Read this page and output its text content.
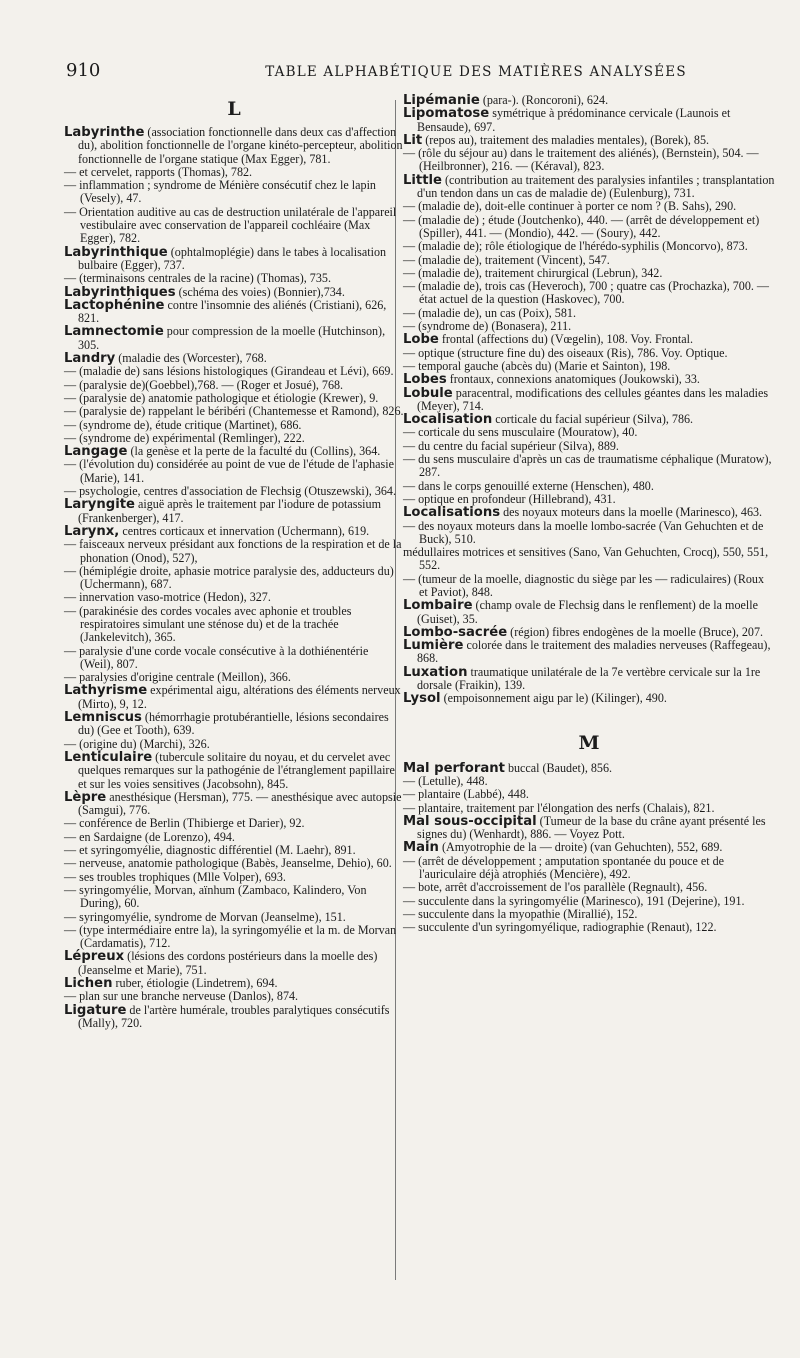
910	TABLE ALPHABÉTIQUE DES MATIÈRES ANALYSÉES
L

Labyrinthe (association fonctionnelle dans deux cas d'affection du), abolition fonctionnelle de l'organe kinéto-percepteur, abolition fonctionnelle de l'organe statique (Max Egger), 781.

— et cervelet, rapports (Thomas), 782.

— inflammation ; syndrome de Ménière consécutif chez le lapin (Vesely), 47.

— Orientation auditive au cas de destruction unilatérale de l'appareil vestibulaire avec conservation de l'appareil cochléaire (Max Egger), 782.

Labyrinthique (ophtalmoplégie) dans le tabes à localisation bulbaire (Egger), 737.

— (terminaisons centrales de la racine) (Thomas), 735.

Labyrinthiques (schéma des voies) (Bonnier),734.

Lactophénine contre l'insomnie des aliénés (Cristiani), 626, 821.

Lamnectomie pour compression de la moelle (Hutchinson), 305.

Landry (maladie des (Worcester), 768.

— (maladie de) sans lésions histologiques (Girandeau et Lévi), 669.

— (paralysie de)(Goebbel),768. — (Roger et Josué), 768.

— (paralysie de) anatomie pathologique et étiologie (Krewer), 9.

— (paralysie de) rappelant le béribéri (Chantemesse et Ramond), 826.

— (syndrome de), étude critique (Martinet), 686.

— (syndrome de) expérimental (Remlinger), 222.

Langage (la genèse et la perte de la faculté du (Collins), 364.

— (l'évolution du) considérée au point de vue de l'étude de l'aphasie (Marie), 141.

— psychologie, centres d'association de Flechsig (Otuszewski), 364.

Laryngite aiguë après le traitement par l'iodure de potassium (Frankenberger), 417.

Larynx, centres corticaux et innervation (Uchermann), 619.

— faisceaux nerveux présidant aux fonctions de la respiration et de la phonation (Onod), 527),

— (hémiplégie droite, aphasie motrice paralysie des, adducteurs du) (Uchermann), 687.

— innervation vaso-motrice (Hedon), 327.

— (parakinésie des cordes vocales avec aphonie et troubles respiratoires simulant une sténose du) et de la trachée (Jankelevitch), 365.

— paralysie d'une corde vocale consécutive à la dothiénentérie (Weil), 807.

— paralysies d'origine centrale (Meillon), 366.

Lathyrisme expérimental aigu, altérations des éléments nerveux (Mirto), 9, 12.

Lemniscus (hémorrhagie protubérantielle, lésions secondaires du) (Gee et Tooth), 639.

— (origine du) (Marchi), 326.

Lenticulaire (tubercule solitaire du noyau, et du cervelet avec quelques remarques sur la pathogénie de l'étranglement papillaire et sur les voies sensitives (Jacobsohn), 845.

Lèpre anesthésique (Hersman), 775. — anesthésique avec autopsie (Samgui), 776.

— conférence de Berlin (Thibierge et Darier), 92.

— en Sardaigne (de Lorenzo), 494.

— et syringomyélie, diagnostic différentiel (M. Laehr), 891.

— nerveuse, anatomie pathologique (Babès, Jeanselme, Dehio), 60.

— ses troubles trophiques (Mlle Volper), 693.

— syringomyélie, Morvan, aïnhum (Zambaco, Kalindero, Von During), 60.

— syringomyélie, syndrome de Morvan (Jeanselme), 151.

— (type intermédiaire entre la), la syringomyélie et la m. de Morvan (Cardamatis), 712.

Lépreux (lésions des cordons postérieurs dans la moelle des) (Jeanselme et Marie), 751.

Lichen ruber, étiologie (Lindetrem), 694.

— plan sur une branche nerveuse (Danlos), 874.

Ligature de l'artère humérale, troubles paralytiques consécutifs (Mally), 720.

Lipémanie (para-). (Roncoroni), 624.

Lipomatose symétrique à prédominance cervicale (Launois et Bensaude), 697.

Lit (repos au), traitement des maladies mentales), (Borek), 85.

— (rôle du séjour au) dans le traitement des aliénés), (Bernstein), 504. — (Heilbronner), 216. — (Kéraval), 823.

Little (contribution au traitement des paralysies infantiles ; transplantation d'un tendon dans un cas de maladie de) (Eulenburg), 731.

— (maladie de), doit-elle continuer à porter ce nom ? (B. Sahs), 290.

— (maladie de) ; étude (Joutchenko), 440. — (arrêt de développement et) (Spiller), 441. — (Mondio), 442. — (Soury), 442.

— (maladie de); rôle étiologique de l'hérédo-syphilis (Moncorvo), 873.

— (maladie de), traitement (Vincent), 547.

— (maladie de), traitement chirurgical (Lebrun), 342.

— (maladie de), trois cas (Heveroch), 700 ; quatre cas (Prochazka), 700. — état actuel de la question (Haskovec), 700.

— (maladie de), un cas (Poix), 581.

— (syndrome de) (Bonasera), 211.

Lobe frontal (affections du) (Vœgelin), 108. Voy. Frontal.

— optique (structure fine du) des oiseaux (Ris), 786. Voy. Optique.

— temporal gauche (abcès du) (Marie et Sainton), 198.

Lobes frontaux, connexions anatomiques (Joukowski), 33.

Lobule paracentral, modifications des cellules géantes dans les maladies (Meyer), 714.

Localisation corticale du facial supérieur (Silva), 786.

— corticale du sens musculaire (Mouratow), 40.

— du centre du facial supérieur (Silva), 889.

— du sens musculaire d'après un cas de traumatisme céphalique (Muratow), 287.

— dans le corps genouillé externe (Henschen), 480.

— optique en profondeur (Hillebrand), 431.

Localisations des noyaux moteurs dans la moelle (Marinesco), 463.

— des noyaux moteurs dans la moelle lombo-sacrée (Van Gehuchten et de Buck), 510.

médullaires motrices et sensitives (Sano, Van Gehuchten, Crocq), 550, 551, 552.

— (tumeur de la moelle, diagnostic du siège par les — radiculaires) (Roux et Paviot), 848.

Lombaire (champ ovale de Flechsig dans le renflement) de la moelle (Guiset), 35.

Lombo-sacrée (région) fibres endogènes de la moelle (Bruce), 207.

Lumière colorée dans le traitement des maladies nerveuses (Raffegeau), 868.

Luxation traumatique unilatérale de la 7e vertèbre cervicale sur la 1re dorsale (Fraikin), 139.

Lysol (empoisonnement aigu par le) (Kilinger), 490.

M

Mal perforant buccal (Baudet), 856.

— (Letulle), 448.

— plantaire (Labbé), 448.

— plantaire, traitement par l'élongation des nerfs (Chalais), 821.

Mal sous-occipital (Tumeur de la base du crâne ayant présenté les signes du) (Wenhardt), 886. — Voyez Pott.

Main (Amyotrophie de la — droite) (van Gehuchten), 552, 689.

— (arrêt de développement ; amputation spontanée du pouce et de l'auriculaire déjà atrophiés (Mencière), 492.

— bote, arrêt d'accroissement de l'os parallèle (Regnault), 456.

— succulente dans la syringomyélie (Marinesco), 191 (Dejerine), 191.

— succulente dans la myopathie (Mirallié), 152.

— succulente d'un syringomyélique, radiographie (Renaut), 122.
